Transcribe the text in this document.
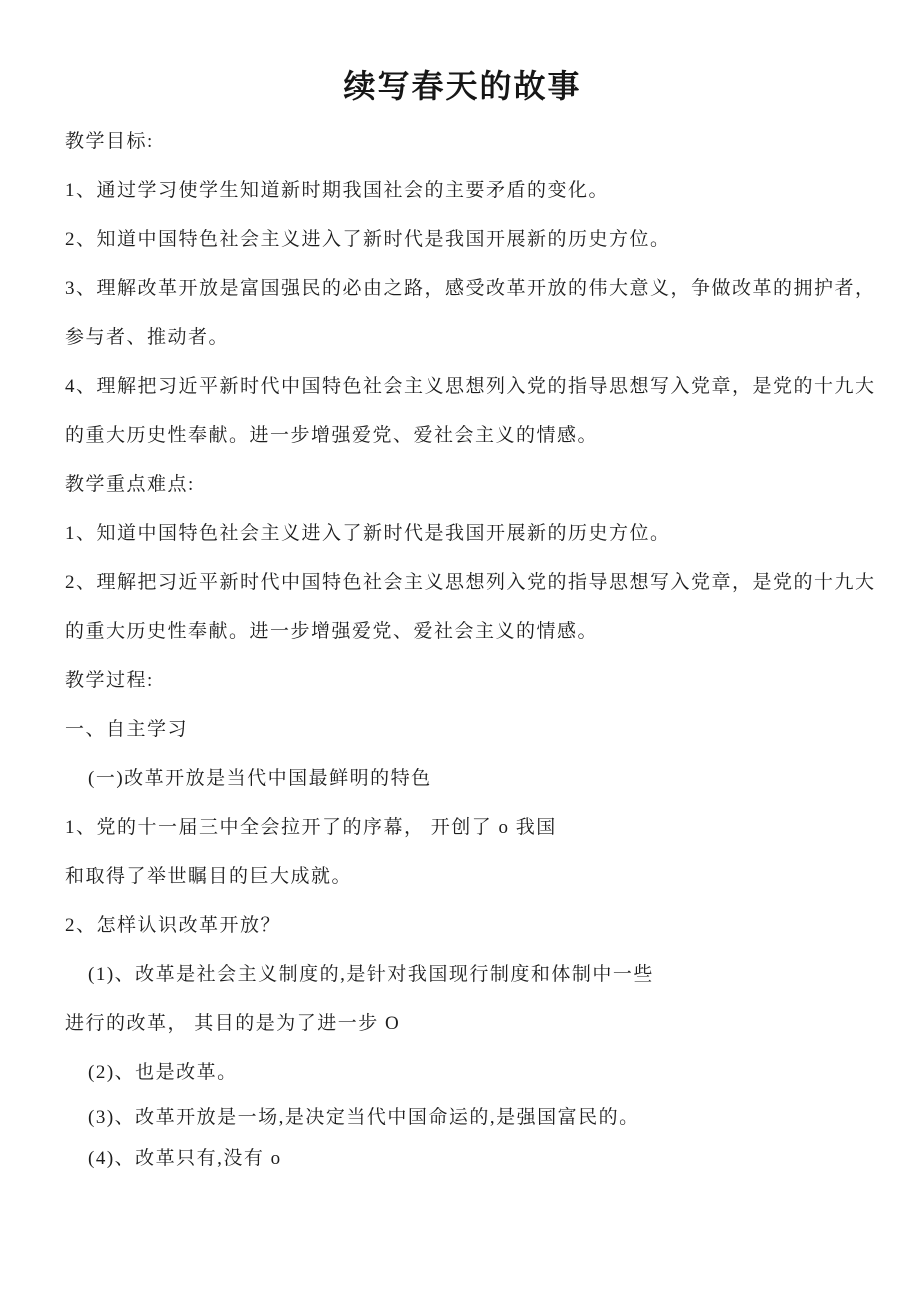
续写春天的故事

教学目标:

1、通过学习使学生知道新时期我国社会的主要矛盾的变化。

2、知道中国特色社会主义进入了新时代是我国开展新的历史方位。

3、理解改革开放是富国强民的必由之路，感受改革开放的伟大意义，争做改革的拥护者，

参与者、推动者。

4、理解把习近平新时代中国特色社会主义思想列入党的指导思想写入党章，是党的十九大

的重大历史性奉献。进一步增强爱党、爱社会主义的情感。

教学重点难点:

1、知道中国特色社会主义进入了新时代是我国开展新的历史方位。

2、理解把习近平新时代中国特色社会主义思想列入党的指导思想写入党章，是党的十九大

的重大历史性奉献。进一步增强爱党、爱社会主义的情感。

教学过程:

一、自主学习

(一)改革开放是当代中国最鲜明的特色

1、党的十一届三中全会拉开了的序幕， 开创了 o 我国

和取得了举世瞩目的巨大成就。

2、怎样认识改革开放？

(1)、改革是社会主义制度的,是针对我国现行制度和体制中一些

进行的改革， 其目的是为了进一步 O

(2)、也是改革。

(3)、改革开放是一场,是决定当代中国命运的,是强国富民的。

(4)、改革只有,没有 o
